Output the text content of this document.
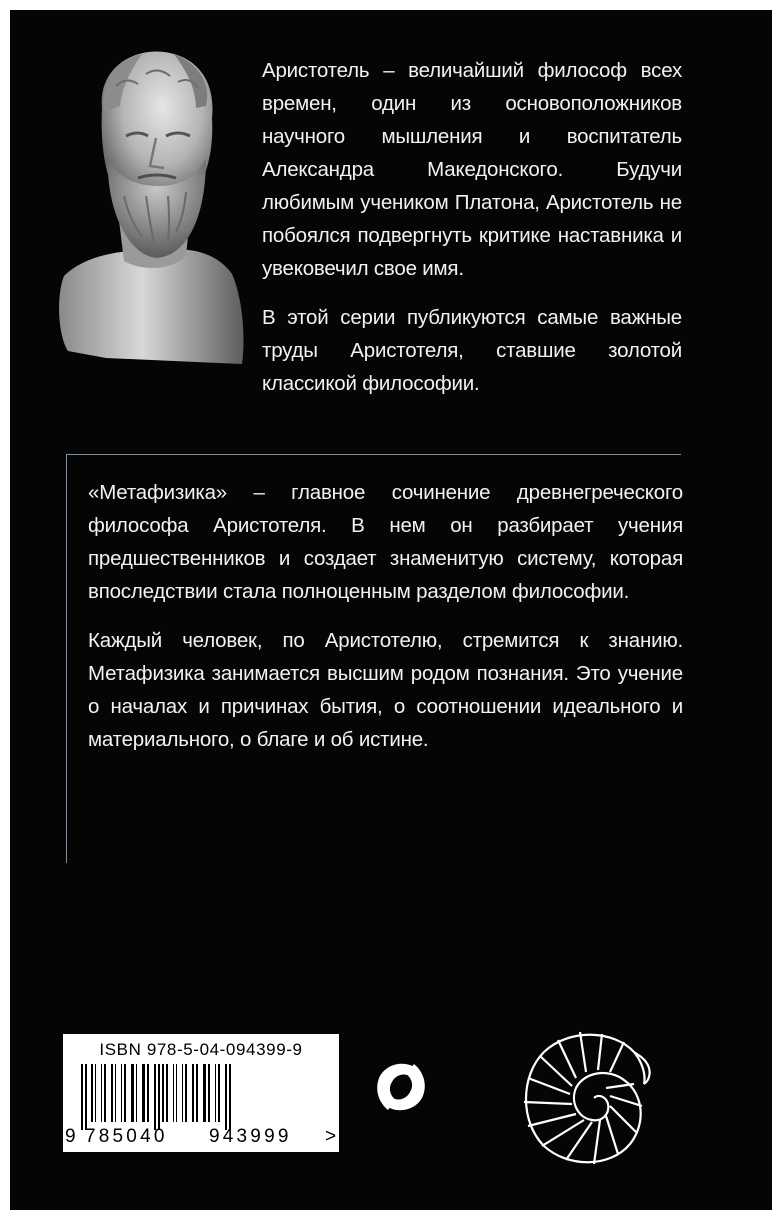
Аристотель – величайший философ всех времен, один из основоположников научного мышления и воспитатель Александра Македонского. Будучи любимым учеником Платона, Аристотель не побоялся подвергнуть критике наставника и увековечил свое имя.

В этой серии публикуются самые важные труды Аристотеля, ставшие золотой классикой философии.

«Метафизика» – главное сочинение древнегреческого философа Аристотеля. В нем он разбирает учения предшественников и создает знаменитую систему, которая впоследствии стала полноценным разделом философии.

Каждый человек, по Аристотелю, стремится к знанию. Метафизика занимается высшим родом познания. Это учение о началах и причинах бытия, о соотношении идеального и материального, о благе и об истине.

ISBN 978-5-04-094399-9
9 785040	943999	>
